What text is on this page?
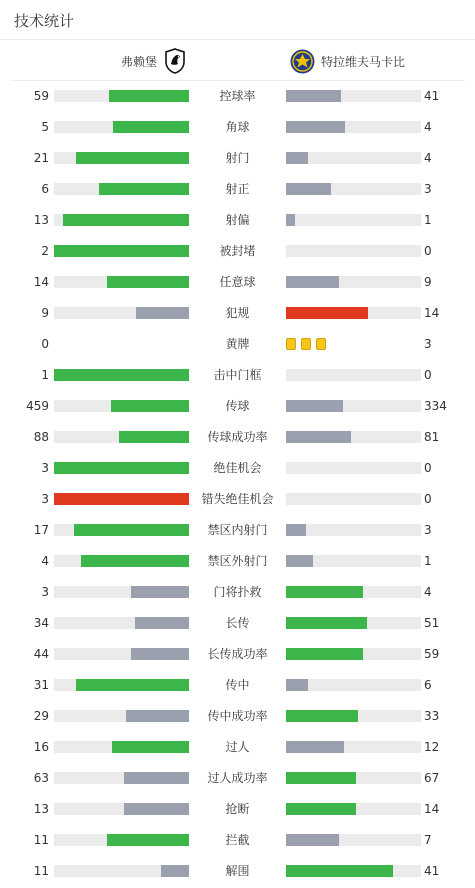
技术统计
弗赖堡	特拉维夫马卡比
59	控球率	41
5	角球	4
21	射门	4
6	射正	3
13	射偏	1
2	被封堵	0
14	任意球	9
9	犯规	14
0	黄牌	3
1	击中门框	0
459	传球	334
88	传球成功率	81
3	绝佳机会	0
3	错失绝佳机会	0
17	禁区内射门	3
4	禁区外射门	1
3	门将扑救	4
34	长传	51
44	长传成功率	59
31	传中	6
29	传中成功率	33
16	过人	12
63	过人成功率	67
13	抢断	14
11	拦截	7
11	解围	41
